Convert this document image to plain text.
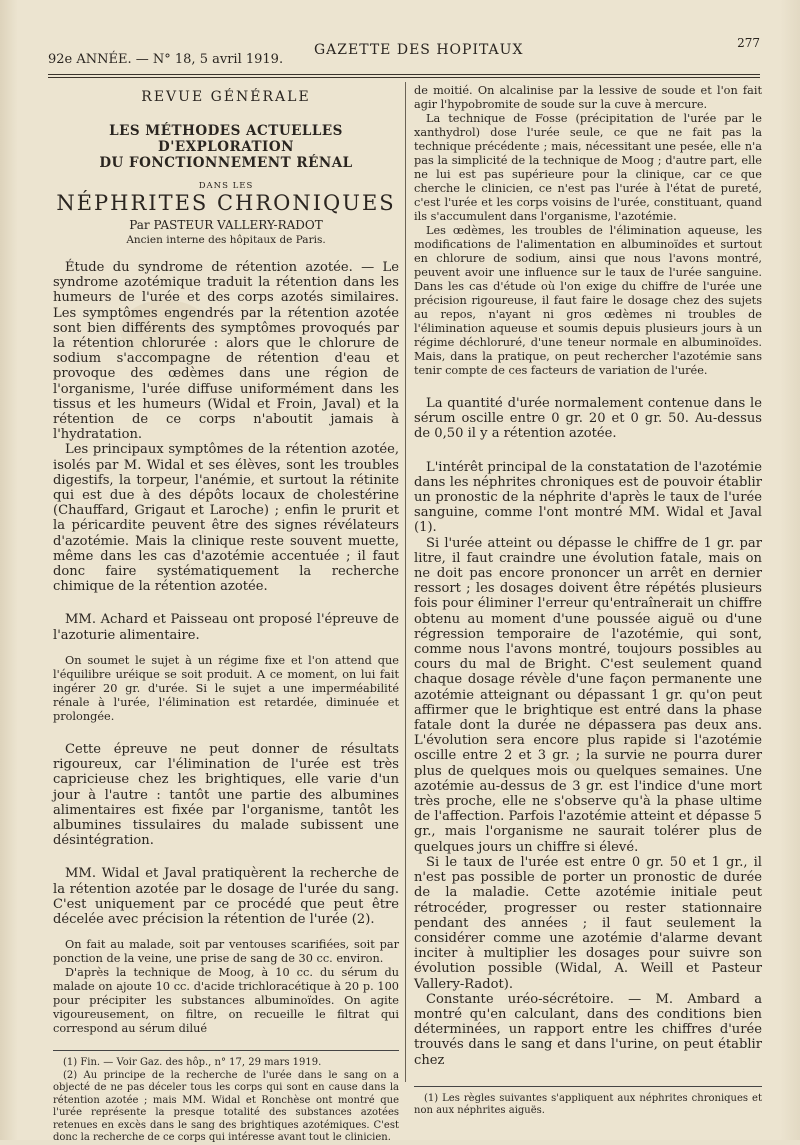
92e ANNÉE. — N° 18, 5 avril 1919.
GAZETTE DES HOPITAUX	277
REVUE GÉNÉRALE
LES MÉTHODES ACTUELLES D'EXPLORATION
DU FONCTIONNEMENT RÉNAL
DANS LES
NÉPHRITES CHRONIQUES
Par PASTEUR VALLERY-RADOT
Ancien interne des hôpitaux de Paris.

Étude du syndrome de rétention azotée. — Le syndrome azotémique traduit la rétention dans les humeurs de l'urée et des corps azotés similaires. Les symptômes engendrés par la rétention azotée sont bien différents des symptômes provoqués par la rétention chlorurée : alors que le chlorure de sodium s'accompagne de rétention d'eau et provoque des œdèmes dans une région de l'organisme, l'urée diffuse uniformément dans les tissus et les humeurs (Widal et Froin, Javal) et la rétention de ce corps n'aboutit jamais à l'hydratation.

Les principaux symptômes de la rétention azotée, isolés par M. Widal et ses élèves, sont les troubles digestifs, la torpeur, l'anémie, et surtout la rétinite qui est due à des dépôts locaux de cholestérine (Chauffard, Grigaut et Laroche) ; enfin le prurit et la péricardite peuvent être des signes révélateurs d'azotémie. Mais la clinique reste souvent muette, même dans les cas d'azotémie accentuée ; il faut donc faire systématiquement la recherche chimique de la rétention azotée.

MM. Achard et Paisseau ont proposé l'épreuve de l'azoturie alimentaire.

On soumet le sujet à un régime fixe et l'on attend que l'équilibre uréique se soit produit. A ce moment, on lui fait ingérer 20 gr. d'urée. Si le sujet a une imperméabilité rénale à l'urée, l'élimination est retardée, diminuée et prolongée.

Cette épreuve ne peut donner de résultats rigoureux, car l'élimination de l'urée est très capricieuse chez les brightiques, elle varie d'un jour à l'autre : tantôt une partie des albumines alimentaires est fixée par l'organisme, tantôt les albumines tissulaires du malade subissent une désintégration.

MM. Widal et Javal pratiquèrent la recherche de la rétention azotée par le dosage de l'urée du sang. C'est uniquement par ce procédé que peut être décelée avec précision la rétention de l'urée (2).

On fait au malade, soit par ventouses scarifiées, soit par ponction de la veine, une prise de sang de 30 cc. environ.

D'après la technique de Moog, à 10 cc. du sérum du malade on ajoute 10 cc. d'acide trichloracétique à 20 p. 100 pour précipiter les substances albuminoïdes. On agite vigoureusement, on filtre, on recueille le filtrat qui correspond au sérum dilué

(1) Fin. — Voir Gaz. des hôp., n° 17, 29 mars 1919.

(2) Au principe de la recherche de l'urée dans le sang on a objecté de ne pas déceler tous les corps qui sont en cause dans la rétention azotée ; mais MM. Widal et Ronchèse ont montré que l'urée représente la presque totalité des substances azotées retenues en excès dans le sang des brightiques azotémiques. C'est donc la recherche de ce corps qui intéresse avant tout le clinicien.

de moitié. On alcalinise par la lessive de soude et l'on fait agir l'hypobromite de soude sur la cuve à mercure.

La technique de Fosse (précipitation de l'urée par le xanthydrol) dose l'urée seule, ce que ne fait pas la technique précédente ; mais, nécessitant une pesée, elle n'a pas la simplicité de la technique de Moog ; d'autre part, elle ne lui est pas supérieure pour la clinique, car ce que cherche le clinicien, ce n'est pas l'urée à l'état de pureté, c'est l'urée et les corps voisins de l'urée, constituant, quand ils s'accumulent dans l'organisme, l'azotémie.

Les œdèmes, les troubles de l'élimination aqueuse, les modifications de l'alimentation en albuminoïdes et surtout en chlorure de sodium, ainsi que nous l'avons montré, peuvent avoir une influence sur le taux de l'urée sanguine. Dans les cas d'étude où l'on exige du chiffre de l'urée une précision rigoureuse, il faut faire le dosage chez des sujets au repos, n'ayant ni gros œdèmes ni troubles de l'élimination aqueuse et soumis depuis plusieurs jours à un régime déchloruré, d'une teneur normale en albuminoïdes. Mais, dans la pratique, on peut rechercher l'azotémie sans tenir compte de ces facteurs de variation de l'urée.

La quantité d'urée normalement contenue dans le sérum oscille entre 0 gr. 20 et 0 gr. 50. Au-dessus de 0,50 il y a rétention azotée.

L'intérêt principal de la constatation de l'azotémie dans les néphrites chroniques est de pouvoir établir un pronostic de la néphrite d'après le taux de l'urée sanguine, comme l'ont montré MM. Widal et Javal (1).

Si l'urée atteint ou dépasse le chiffre de 1 gr. par litre, il faut craindre une évolution fatale, mais on ne doit pas encore prononcer un arrêt en dernier ressort ; les dosages doivent être répétés plusieurs fois pour éliminer l'erreur qu'entraînerait un chiffre obtenu au moment d'une poussée aiguë ou d'une régression temporaire de l'azotémie, qui sont, comme nous l'avons montré, toujours possibles au cours du mal de Bright. C'est seulement quand chaque dosage révèle d'une façon permanente une azotémie atteignant ou dépassant 1 gr. qu'on peut affirmer que le brightique est entré dans la phase fatale dont la durée ne dépassera pas deux ans. L'évolution sera encore plus rapide si l'azotémie oscille entre 2 et 3 gr. ; la survie ne pourra durer plus de quelques mois ou quelques semaines. Une azotémie au-dessus de 3 gr. est l'indice d'une mort très proche, elle ne s'observe qu'à la phase ultime de l'affection. Parfois l'azotémie atteint et dépasse 5 gr., mais l'organisme ne saurait tolérer plus de quelques jours un chiffre si élevé.

Si le taux de l'urée est entre 0 gr. 50 et 1 gr., il n'est pas possible de porter un pronostic de durée de la maladie. Cette azotémie initiale peut rétrocéder, progresser ou rester stationnaire pendant des années ; il faut seulement la considérer comme une azotémie d'alarme devant inciter à multiplier les dosages pour suivre son évolution possible (Widal, A. Weill et Pasteur Vallery-Radot).

Constante uréo-sécrétoire. — M. Ambard a montré qu'en calculant, dans des conditions bien déterminées, un rapport entre les chiffres d'urée trouvés dans le sang et dans l'urine, on peut établir chez

(1) Les règles suivantes s'appliquent aux néphrites chroniques et non aux néphrites aiguës.
